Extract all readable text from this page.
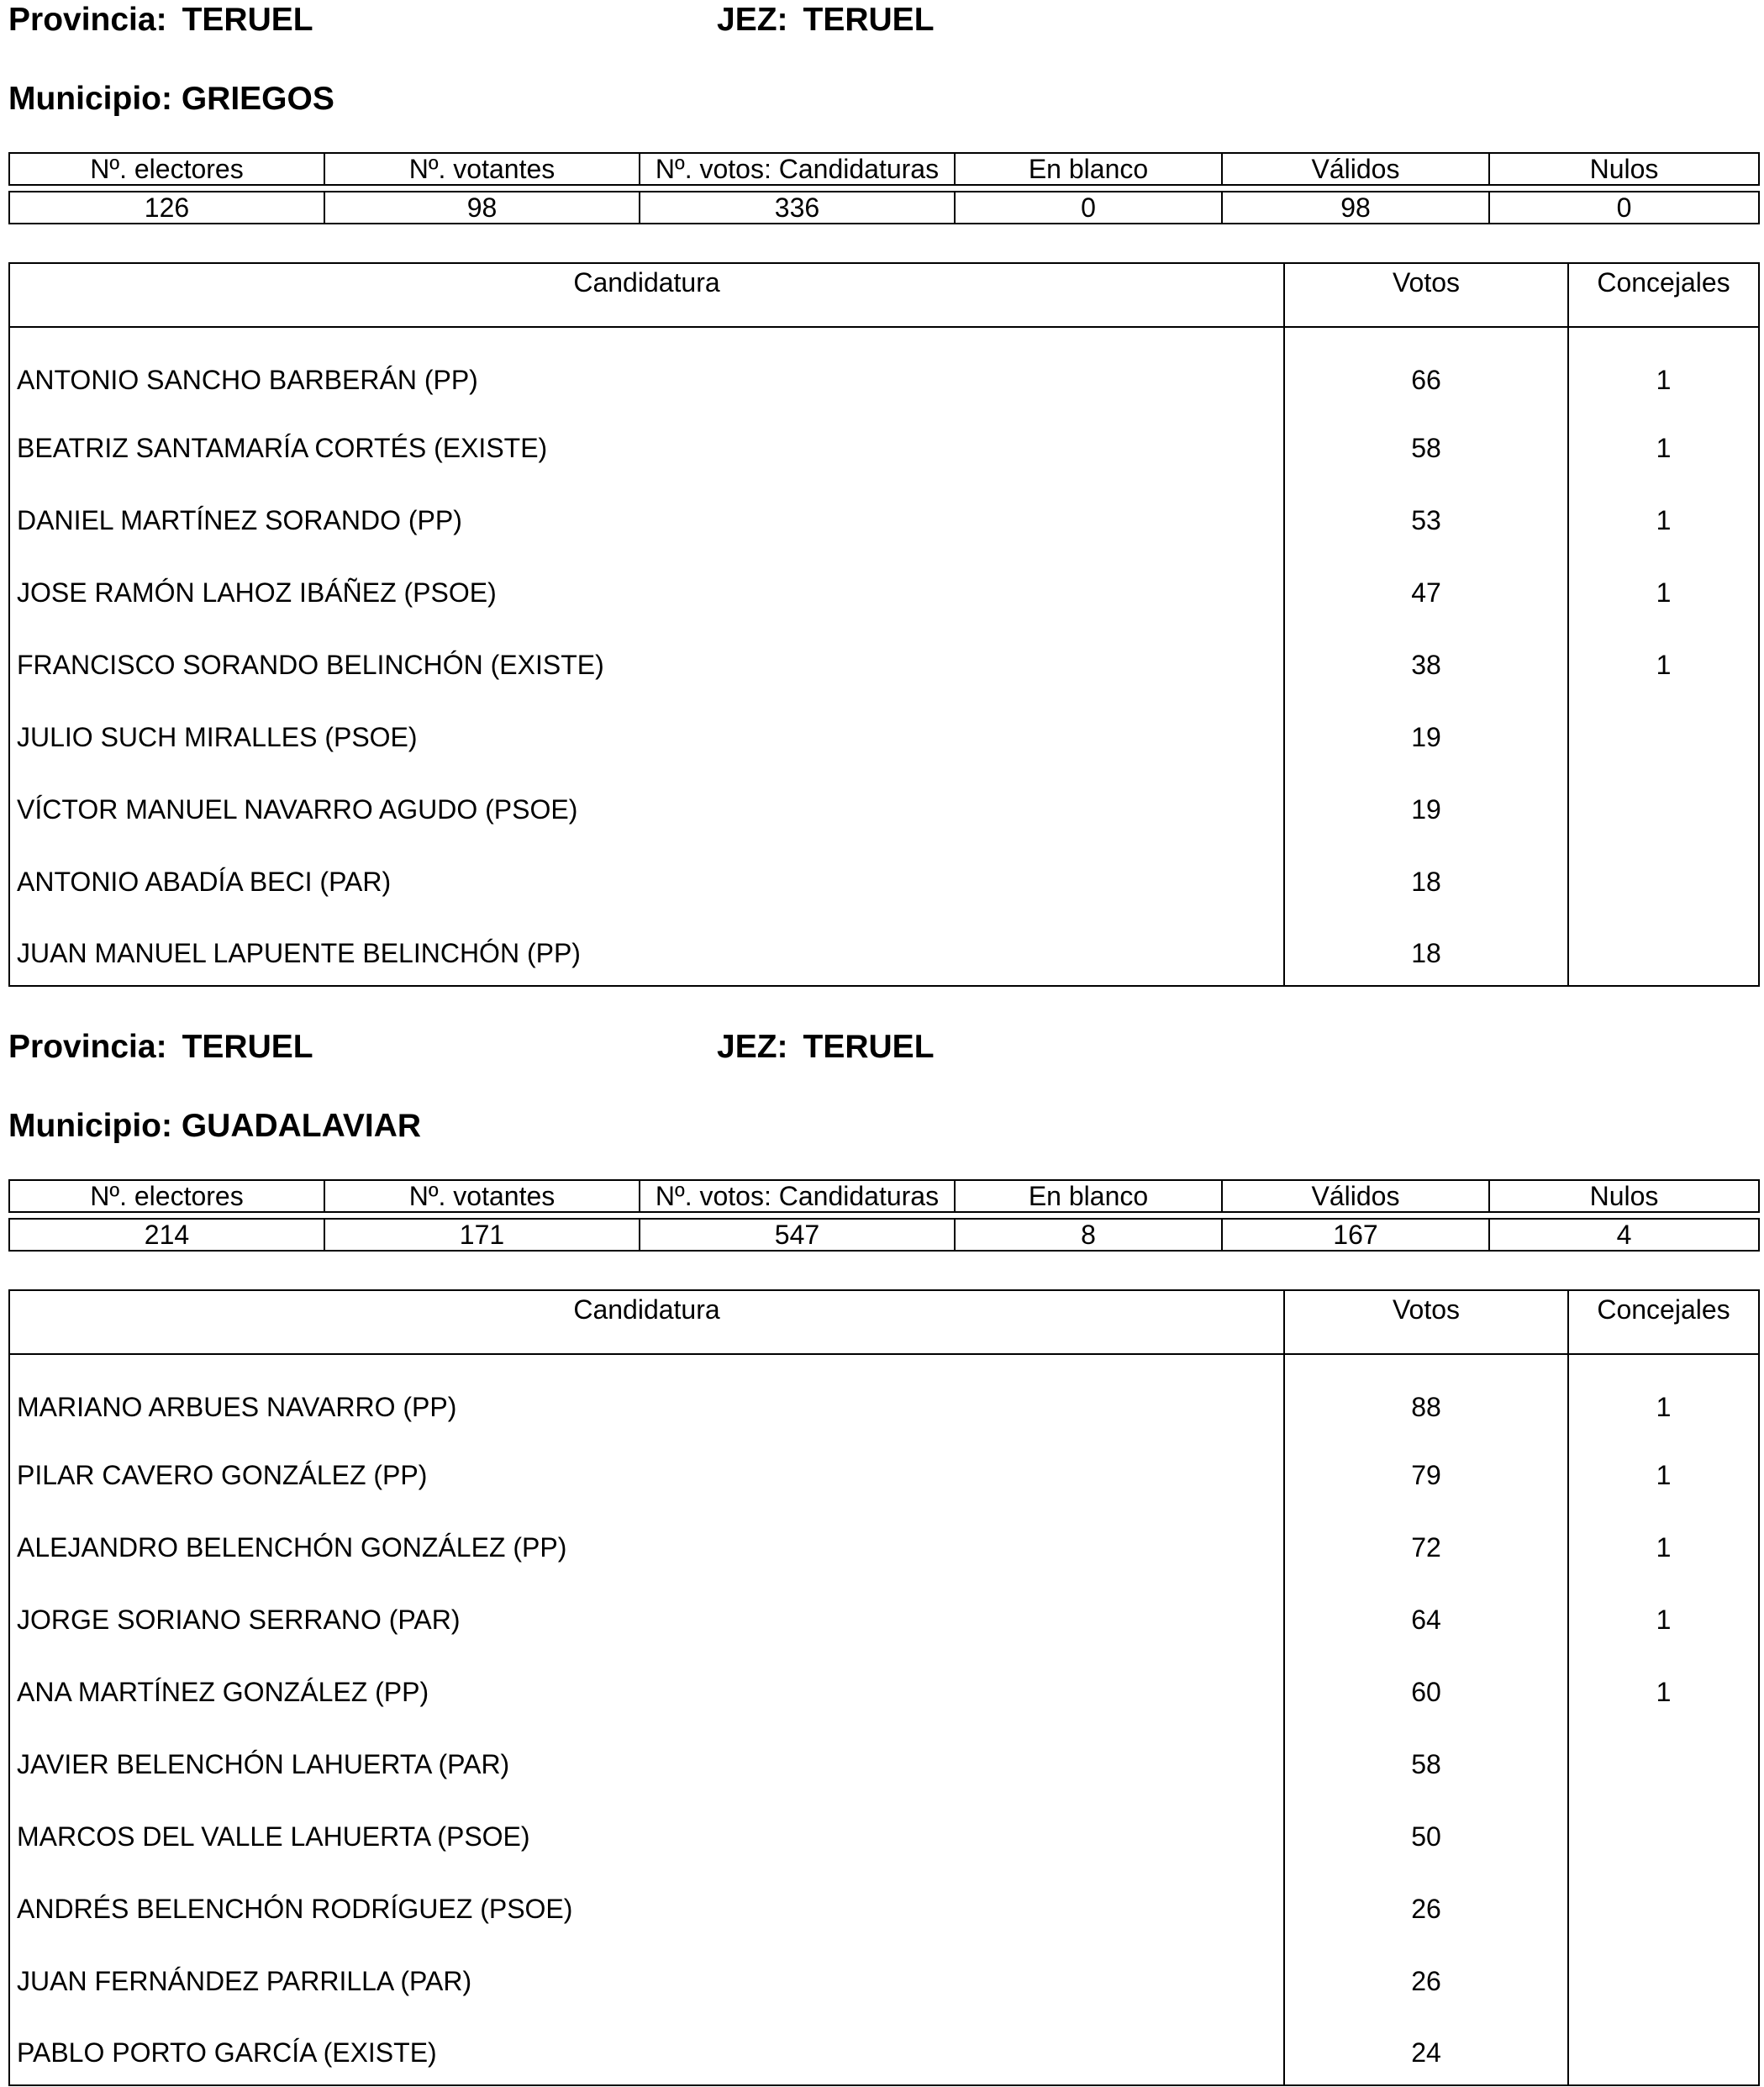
Provincia: TERUEL	JEZ: TERUEL
Municipio: GRIEGOS
Nº. electores	Nº. votantes	Nº. votos: Candidaturas	En blanco	Válidos	Nulos

126	98	336	0	98	0
Candidatura	Votos	Concejales
ANTONIO SANCHO BARBERÁN (PP)	66	1
BEATRIZ SANTAMARÍA CORTÉS (EXISTE)	58	1
DANIEL MARTÍNEZ SORANDO (PP)	53	1
JOSE RAMÓN LAHOZ IBÁÑEZ (PSOE)	47	1
FRANCISCO SORANDO BELINCHÓN (EXISTE)	38	1
JULIO SUCH MIRALLES (PSOE)	19	
VÍCTOR MANUEL NAVARRO AGUDO (PSOE)	19	
ANTONIO ABADÍA BECI (PAR)	18	
JUAN MANUEL LAPUENTE BELINCHÓN (PP)	18	
Provincia: TERUEL	JEZ: TERUEL
Municipio: GUADALAVIAR
Nº. electores	Nº. votantes	Nº. votos: Candidaturas	En blanco	Válidos	Nulos

214	171	547	8	167	4
Candidatura	Votos	Concejales
MARIANO ARBUES NAVARRO (PP)	88	1
PILAR CAVERO GONZÁLEZ (PP)	79	1
ALEJANDRO BELENCHÓN GONZÁLEZ (PP)	72	1
JORGE SORIANO SERRANO (PAR)	64	1
ANA MARTÍNEZ GONZÁLEZ (PP)	60	1
JAVIER BELENCHÓN LAHUERTA (PAR)	58	
MARCOS DEL VALLE LAHUERTA (PSOE)	50	
ANDRÉS BELENCHÓN RODRÍGUEZ (PSOE)	26	
JUAN FERNÁNDEZ PARRILLA (PAR)	26	
PABLO PORTO GARCÍA (EXISTE)	24	
